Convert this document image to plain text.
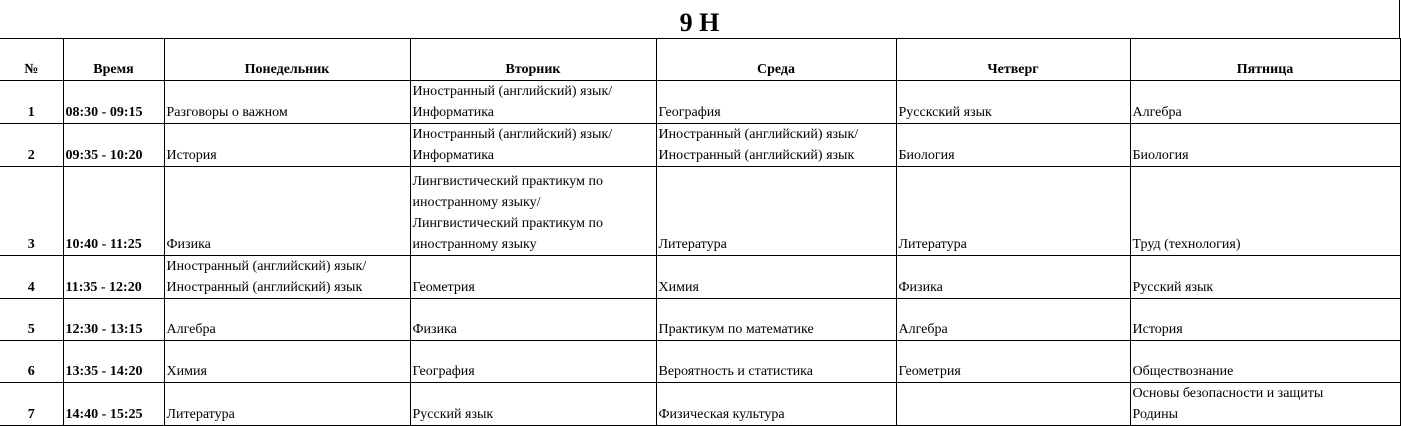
9 Н
№	Время	Понедельник	Вторник	Среда	Четверг	Пятница
1	08:30 - 09:15	Разговоры о важном	Иностранный (английский) язык/
Информатика	География	Русскский язык	Алгебра

2	09:35 - 10:20	История	Иностранный (английский) язык/
Информатика	Иностранный (английский) язык/
Иностранный (английский) язык	Биология	Биология

3	10:40 - 11:25	Физика	Лингвистический практикум по
иностранному языку/
Лингвистический практикум по
иностранному языку	Литература	Литература	Труд (технология)

4	11:35 - 12:20	Иностранный (английский) язык/
Иностранный (английский) язык	Геометрия	Химия	Физика	Русский язык

5	12:30 - 13:15	Алгебра	Физика	Практикум по математике	Алгебра	История

6	13:35 - 14:20	Химия	География	Вероятность и статистика	Геометрия	Обществознание

7	14:40 - 15:25	Литература	Русский язык	Физическая культура		Основы безопасности и защиты
Родины
